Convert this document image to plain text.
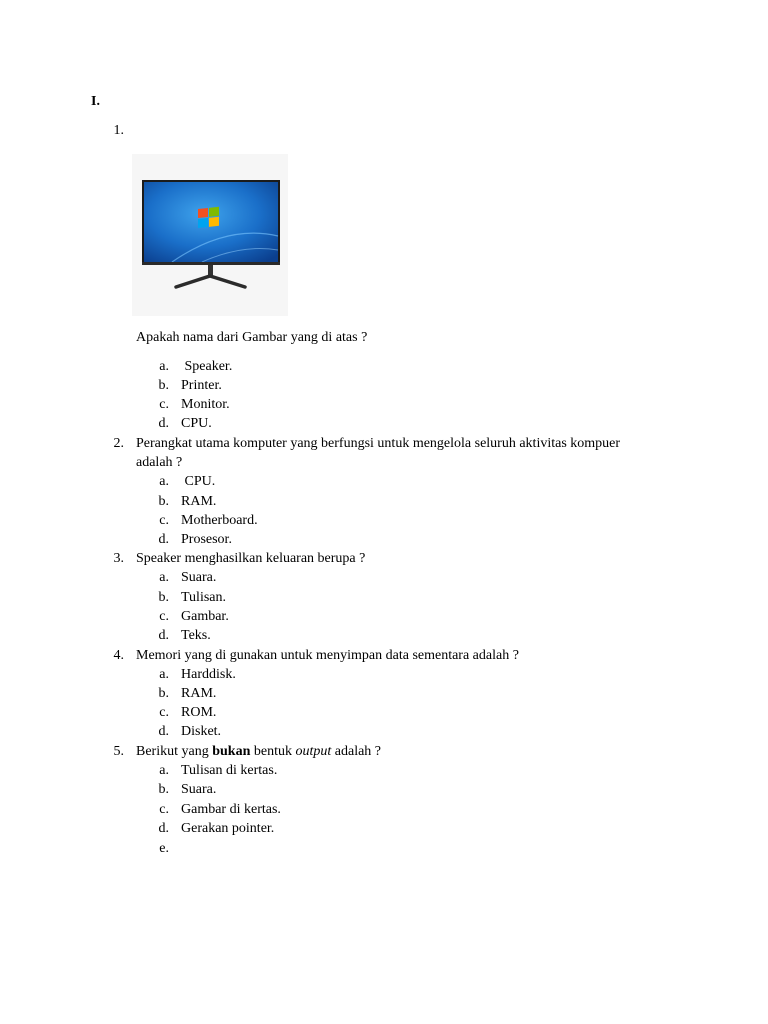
I.
1.
Apakah nama dari Gambar yang di atas ?
a. Speaker.
b. Printer.
c. Monitor.
d. CPU.
2. Perangkat utama komputer yang berfungsi untuk mengelola seluruh aktivitas kompuer
adalah ?
a. CPU.
b. RAM.
c. Motherboard.
d. Prosesor.
3. Speaker menghasilkan keluaran berupa ?
a. Suara.
b. Tulisan.
c. Gambar.
d. Teks.
4. Memori yang di gunakan untuk menyimpan data sementara adalah ?
a. Harddisk.
b. RAM.
c. ROM.
d. Disket.
5. Berikut yang bukan bentuk output adalah ?
a. Tulisan di kertas.
b. Suara.
c. Gambar di kertas.
d. Gerakan pointer.
e.
